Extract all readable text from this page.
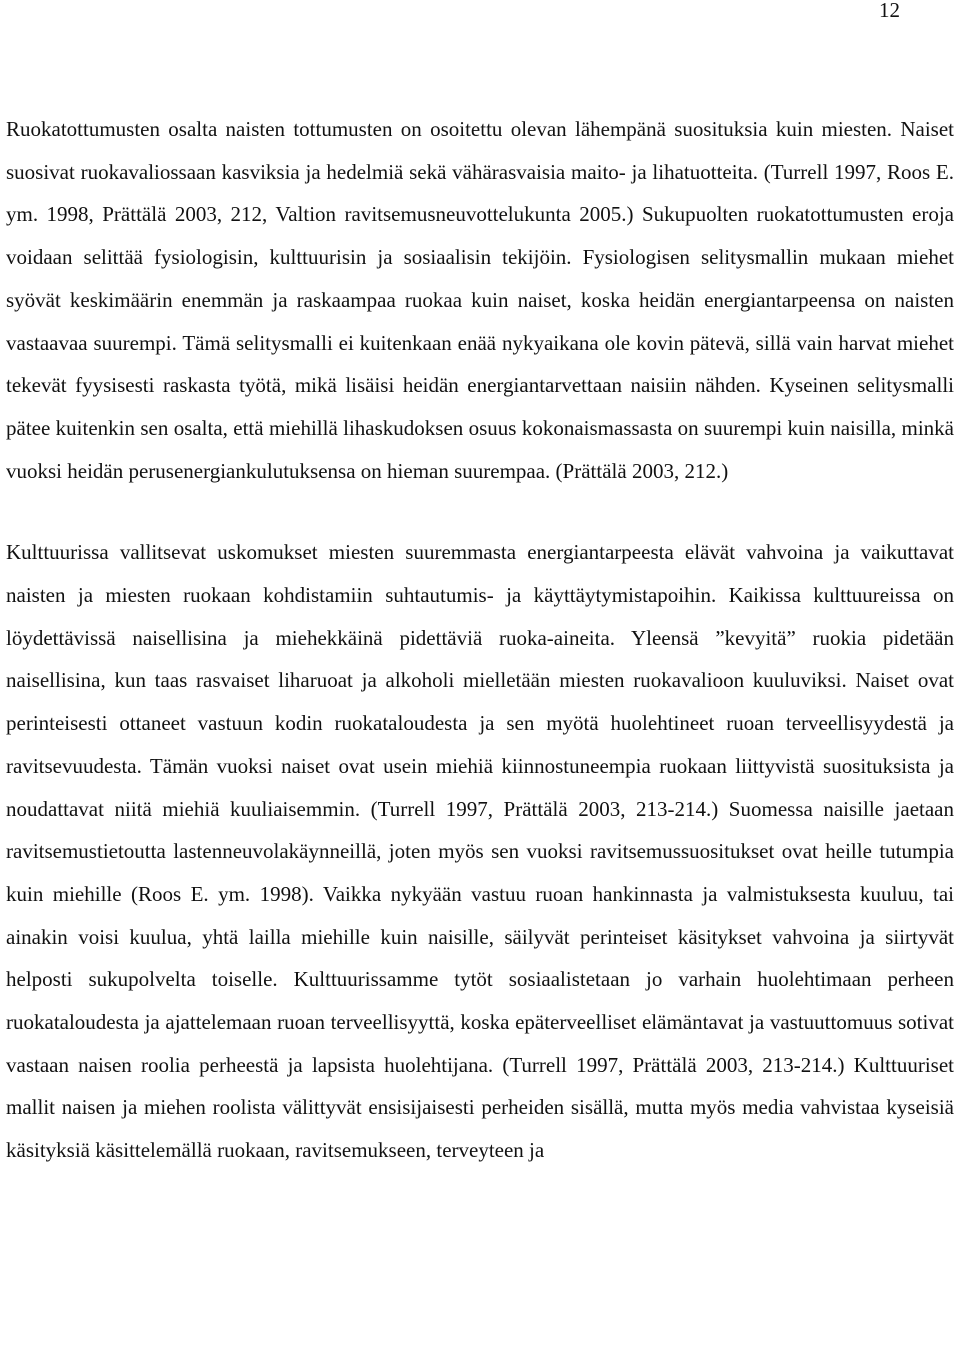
12

Ruokatottumusten osalta naisten tottumusten on osoitettu olevan lähempänä suosituksia kuin miesten. Naiset suosivat ruokavaliossaan kasviksia ja hedelmiä sekä vähärasvaisia maito- ja lihatuotteita. (Turrell 1997, Roos E. ym. 1998, Prättälä 2003, 212, Valtion ravitsemusneuvottelukunta 2005.) Sukupuolten ruokatottumusten eroja voidaan selittää fysiologisin, kulttuurisin ja sosiaalisin tekijöin. Fysiologisen selitysmallin mukaan miehet syövät keskimäärin enemmän ja raskaampaa ruokaa kuin naiset, koska heidän energiantarpeensa on naisten vastaavaa suurempi. Tämä selitysmalli ei kuitenkaan enää nykyaikana ole kovin pätevä, sillä vain harvat miehet tekevät fyysisesti raskasta työtä, mikä lisäisi heidän energiantarvettaan naisiin nähden. Kyseinen selitysmalli pätee kuitenkin sen osalta, että miehillä lihaskudoksen osuus kokonaismassasta on suurempi kuin naisilla, minkä vuoksi heidän perusenergiankulutuksensa on hieman suurempaa. (Prättälä 2003, 212.)

Kulttuurissa vallitsevat uskomukset miesten suuremmasta energiantarpeesta elävät vahvoina ja vaikuttavat naisten ja miesten ruokaan kohdistamiin suhtautumis- ja käyttäytymistapoihin. Kaikissa kulttuureissa on löydettävissä naisellisina ja miehekkäinä pidettäviä ruoka-aineita. Yleensä ”kevyitä” ruokia pidetään naisellisina, kun taas rasvaiset liharuoat ja alkoholi mielletään miesten ruokavalioon kuuluviksi. Naiset ovat perinteisesti ottaneet vastuun kodin ruokataloudesta ja sen myötä huolehtineet ruoan terveellisyydestä ja ravitsevuudesta. Tämän vuoksi naiset ovat usein miehiä kiinnostuneempia ruokaan liittyvistä suosituksista ja noudattavat niitä miehiä kuuliaisemmin. (Turrell 1997, Prättälä 2003, 213-214.) Suomessa naisille jaetaan ravitsemustietoutta lastenneuvolakäynneillä, joten myös sen vuoksi ravitsemussuositukset ovat heille tutumpia kuin miehille (Roos E. ym. 1998). Vaikka nykyään vastuu ruoan hankinnasta ja valmistuksesta kuuluu, tai ainakin voisi kuulua, yhtä lailla miehille kuin naisille, säilyvät perinteiset käsitykset vahvoina ja siirtyvät helposti sukupolvelta toiselle. Kulttuurissamme tytöt sosiaalistetaan jo varhain huolehtimaan perheen ruokataloudesta ja ajattelemaan ruoan terveellisyyttä, koska epäterveelliset elämäntavat ja vastuuttomuus sotivat vastaan naisen roolia perheestä ja lapsista huolehtijana. (Turrell 1997, Prättälä 2003, 213-214.) Kulttuuriset mallit naisen ja miehen roolista välittyvät ensisijaisesti perheiden sisällä, mutta myös media vahvistaa kyseisiä käsityksiä käsittelemällä ruokaan, ravitsemukseen, terveyteen ja
